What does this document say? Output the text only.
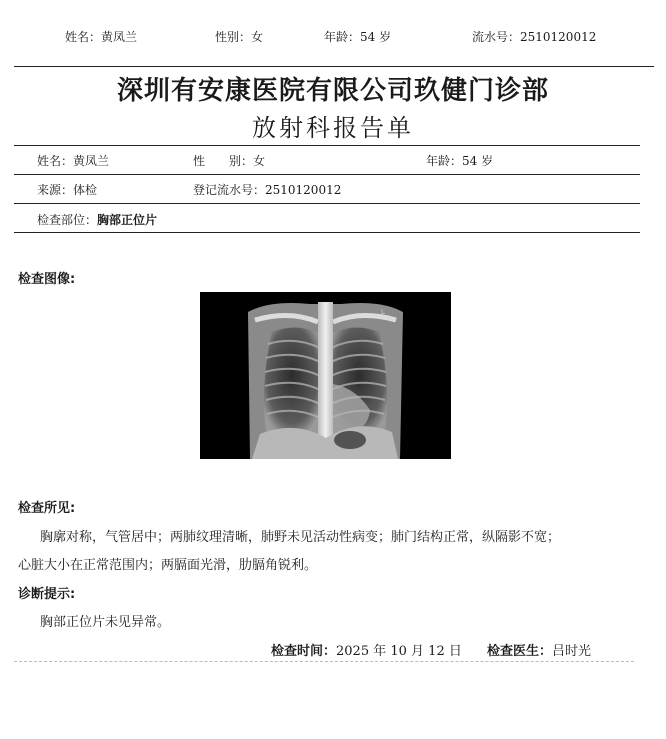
姓名：黄凤兰	性别：女	年龄：54 岁	流水号：2510120012
深圳有安康医院有限公司玖健门诊部
放射科报告单
姓名：黄凤兰	性　　别：女	年龄：54 岁
来源：体检	登记流水号：2510120012
检查部位：胸部正位片
检查图像:
L
检查所见:
胸廓对称，气管居中；两肺纹理清晰，肺野未见活动性病变；肺门结构正常，纵隔影不宽；
心脏大小在正常范围内；两膈面光滑，肋膈角锐利。
诊断提示:
胸部正位片未见异常。
检查时间：2025 年 10 月 12 日 检查医生：吕时光
